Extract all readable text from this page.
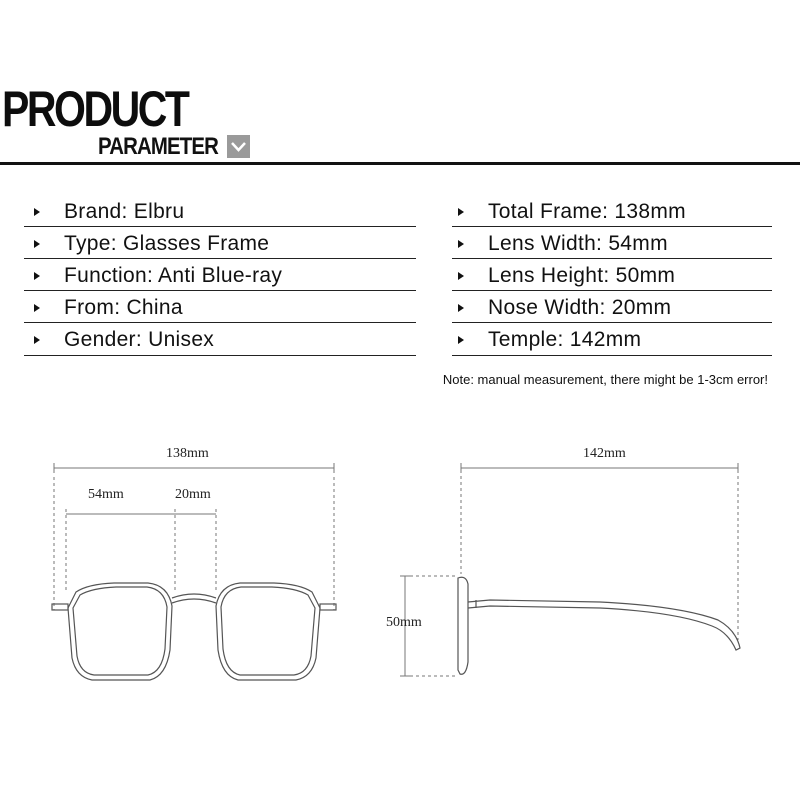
PRODUCT
PARAMETER
Brand: Elbru
Type: Glasses Frame
Function: Anti Blue-ray
From: China
Gender: Unisex
Total Frame: 138mm
Lens Width: 54mm
Lens Height: 50mm
Nose Width: 20mm
Temple: 142mm
Note: manual measurement, there might be 1-3cm error!
138mm
54mm	20mm
142mm
50mm
